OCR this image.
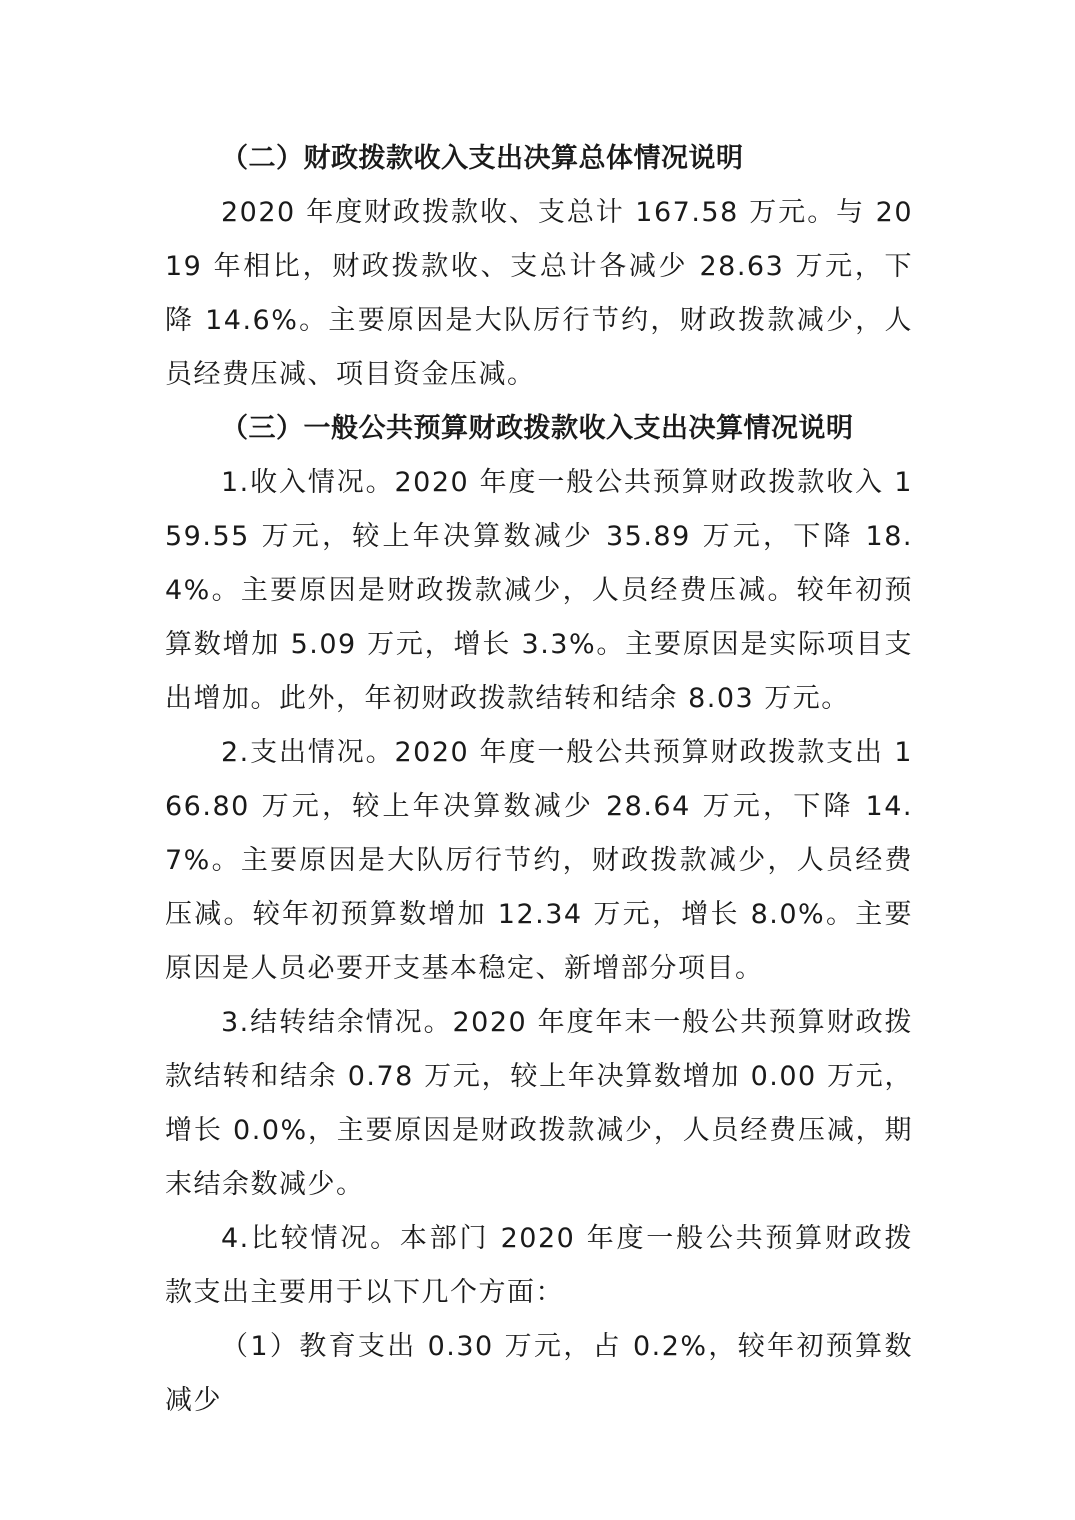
（二）财政拨款收入支出决算总体情况说明

2020 年度财政拨款收、支总计 167.58 万元。与 2019 年相比，财政拨款收、支总计各减少 28.63 万元，下降 14.6%。主要原因是大队厉行节约，财政拨款减少，人员经费压减、项目资金压减。

（三）一般公共预算财政拨款收入支出决算情况说明

1.收入情况。2020 年度一般公共预算财政拨款收入 159.55 万元，较上年决算数减少 35.89 万元，下降 18.4%。主要原因是财政拨款减少，人员经费压减。较年初预算数增加 5.09 万元，增长 3.3%。主要原因是实际项目支出增加。此外，年初财政拨款结转和结余 8.03 万元。

2.支出情况。2020 年度一般公共预算财政拨款支出 166.80 万元，较上年决算数减少 28.64 万元，下降 14.7%。主要原因是大队厉行节约，财政拨款减少，人员经费压减。较年初预算数增加 12.34 万元，增长 8.0%。主要原因是人员必要开支基本稳定、新增部分项目。

3.结转结余情况。2020 年度年末一般公共预算财政拨款结转和结余 0.78 万元，较上年决算数增加 0.00 万元，增长 0.0%，主要原因是财政拨款减少，人员经费压减，期末结余数减少。

4.比较情况。本部门 2020 年度一般公共预算财政拨款支出主要用于以下几个方面：

（1）教育支出 0.30 万元，占 0.2%，较年初预算数减少
